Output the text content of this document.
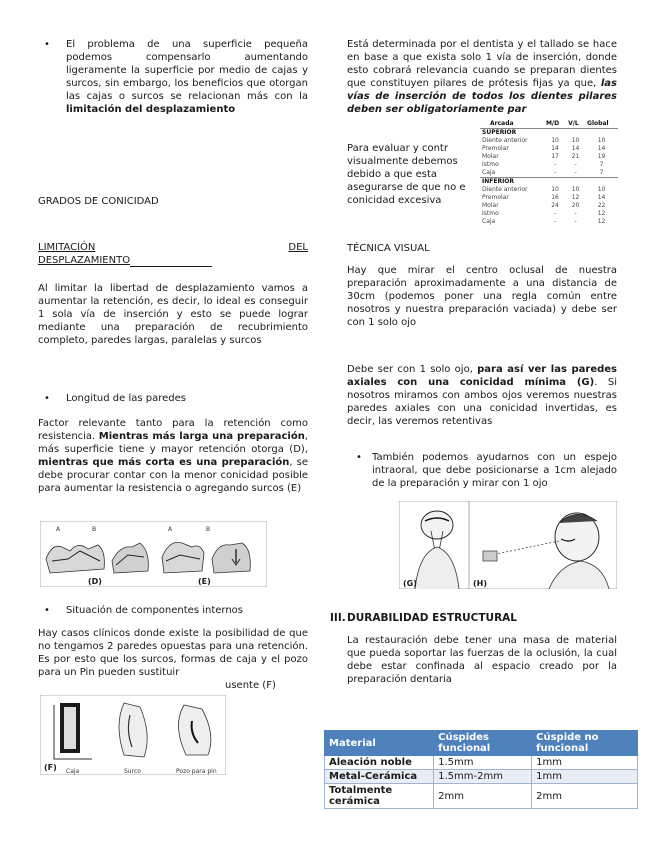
• El problema de una superficie pequeña podemos compensarlo aumentando ligeramente la superficie por medio de cajas y surcos, sin embargo, los beneficios que otorgan las cajas o surcos se relacionan más con la limitación del desplazamiento

GRADOS DE CONICIDAD

LIMITACIÓN	DEL
DESPLAZAMIENTO

Al limitar la libertad de desplazamiento vamos a aumentar la retención, es decir, lo ideal es conseguir 1 sola vía de inserción y esto se puede lograr mediante una preparación de recubrimiento completo, paredes largas, paralelas y surcos

• Longitud de las paredes

Factor relevante tanto para la retención como resistencia. Mientras más larga una preparación, más superficie tiene y mayor retención otorga (D), mientras que más corta es una preparación, se debe procurar contar con la menor conicidad posible para aumentar la resistencia o agregando surcos (E)

A	B	A	B
(D)	(E)
• Situación de componentes internos

Hay casos clínicos donde existe la posibilidad de que no tengamos 2 paredes opuestas para una retención. Es por esto que los surcos, formas de caja y el pozo para un Pin pueden sustituir

usente (F)

(F) Caja	Surco	Pozo para pin

Está determinada por el dentista y el tallado se hace en base a que exista solo 1 vía de inserción, donde esto cobrará relevancia cuando se preparan dientes que constituyen pilares de prótesis fijas ya que, las vías de inserción de todos los dientes pilares deben ser obligatoriamente par

Para evaluar y contr visualmente debemos debido a que esta asegurarse de que no e conicidad excesiva

Arcada	M/D	V/L	Global
SUPERIOR			
Diente anterior	10	10	10
Premolar	14	14	14
Molar	17	21	19
Istmo	-	-	7
Caja	-	-	7
INFERIOR			
Diente anterior	10	10	10
Premolar	16	12	14
Molar	24	20	22
Istmo	-	-	12
Caja	-	-	12

TÉCNICA VISUAL

Hay que mirar el centro oclusal de nuestra preparación aproximadamente a una distancia de 30cm (podemos poner una regla común entre nosotros y nuestra preparación vaciada) y debe ser con 1 solo ojo

Debe ser con 1 solo ojo, para así ver las paredes axiales con una conicidad mínima (G). Si nosotros miramos con ambos ojos veremos nuestras paredes axiales con una conicidad invertidas, es decir, las veremos retentivas

• También podemos ayudarnos con un espejo intraoral, que debe posicionarse a 1cm alejado de la preparación y mirar con 1 ojo

(G)	(H)

III. DURABILIDAD ESTRUCTURAL

La restauración debe tener una masa de material que pueda soportar las fuerzas de la oclusión, la cual debe estar confinada al espacio creado por la preparación dentaria

Material	Cúspides funcional	Cúspide no funcional
Aleación noble	1.5mm	1mm
Metal-Cerámica	1.5mm-2mm	1mm
Totalmente cerámica	2mm	2mm
